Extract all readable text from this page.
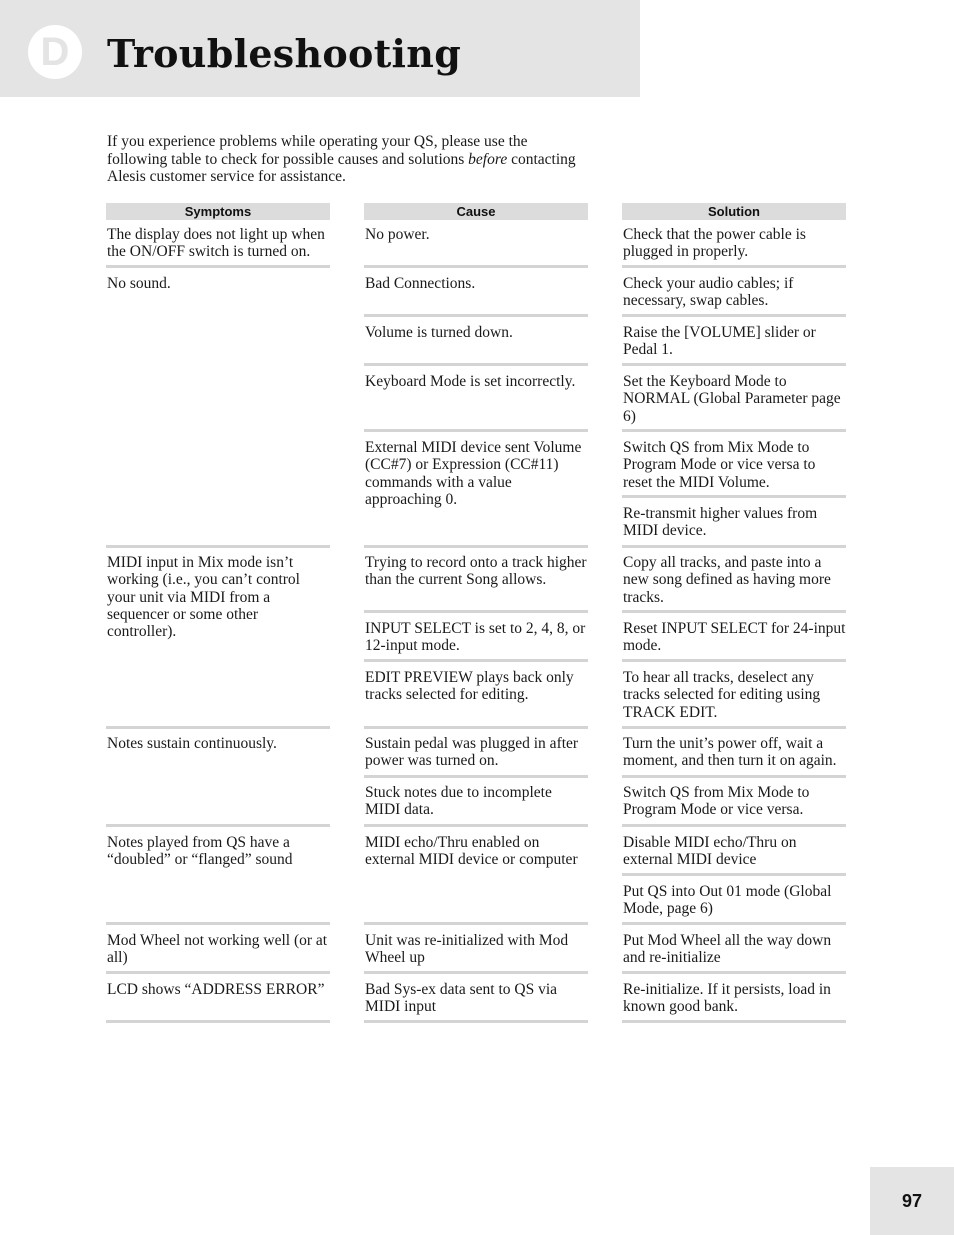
D Troubleshooting

If you experience problems while operating your QS, please use the following table to check for possible causes and solutions before contacting Alesis customer service for assistance.

Symptoms	Cause	Solution
The display does not light up when the ON/OFF switch is turned on.
No sound.
MIDI input in Mix mode isn’t working (i.e., you can’t control your unit via MIDI from a sequencer or some other controller).
Notes sustain continuously.
Notes played from QS have a “doubled” or “flanged” sound
Mod Wheel not working well (or at all)
LCD shows “ADDRESS ERROR”
No power.
Bad Connections.
Volume is turned down.
Keyboard Mode is set incorrectly.
External MIDI device sent Volume (CC#7) or Expression (CC#11) commands with a value approaching 0.
Trying to record onto a track higher than the current Song allows.
INPUT SELECT is set to 2, 4, 8, or 12-input mode.
EDIT PREVIEW plays back only tracks selected for editing.
Sustain pedal was plugged in after power was turned on.
Stuck notes due to incomplete MIDI data.
MIDI echo/Thru enabled on external MIDI device or computer
Unit was re-initialized with Mod Wheel up
Bad Sys-ex data sent to QS via MIDI input
Check that the power cable is plugged in properly.
Check your audio cables; if necessary, swap cables.
Raise the [VOLUME] slider or Pedal 1.
Set the Keyboard Mode to NORMAL (Global Parameter page 6)
Switch QS from Mix Mode to Program Mode or vice versa to reset the MIDI Volume.
Re-transmit higher values from MIDI device.
Copy all tracks, and paste into a new song defined as having more tracks.
Reset INPUT SELECT for 24-input mode.
To hear all tracks, deselect any tracks selected for editing using TRACK EDIT.
Turn the unit’s power off, wait a moment, and then turn it on again.
Switch QS from Mix Mode to Program Mode or vice versa.
Disable MIDI echo/Thru on external MIDI device
Put QS into Out 01 mode (Global Mode, page 6)
Put Mod Wheel all the way down and re-initialize
Re-initialize. If it persists, load in known good bank.
97
